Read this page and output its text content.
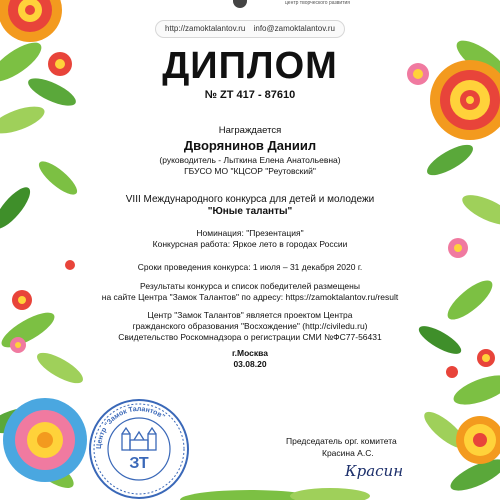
центр творческого развития
http://zamoktalantov.ru info@zamoktalantov.ru
ДИПЛОМ
№ ZT 417 - 87610
Награждается
Дворянинов Даниил
(руководитель - Лыткина Елена Анатольевна)
ГБУСО МО "КЦСОР "Реутовский"
VIII Международного конкурса для детей и молодежи
"Юные таланты"
Номинация: "Презентация"
Конкурсная работа: Яркое лето в городах России
Сроки проведения конкурса: 1 июля – 31 декабря 2020 г.
Результаты конкурса и список победителей размещены
на сайте Центра "Замок Талантов" по адресу: https://zamoktalantov.ru/result
Центр "Замок Талантов" является проектом Центра
гражданского образования "Восхождение" (http://civiledu.ru)
Свидетельство Роскомнадзора о регистрации СМИ №ФС77-56431
г.Москва
03.08.20
Центр "Замок Талантов"
ЗТ
Председатель орг. комитета
Красина А.С.
Красин
